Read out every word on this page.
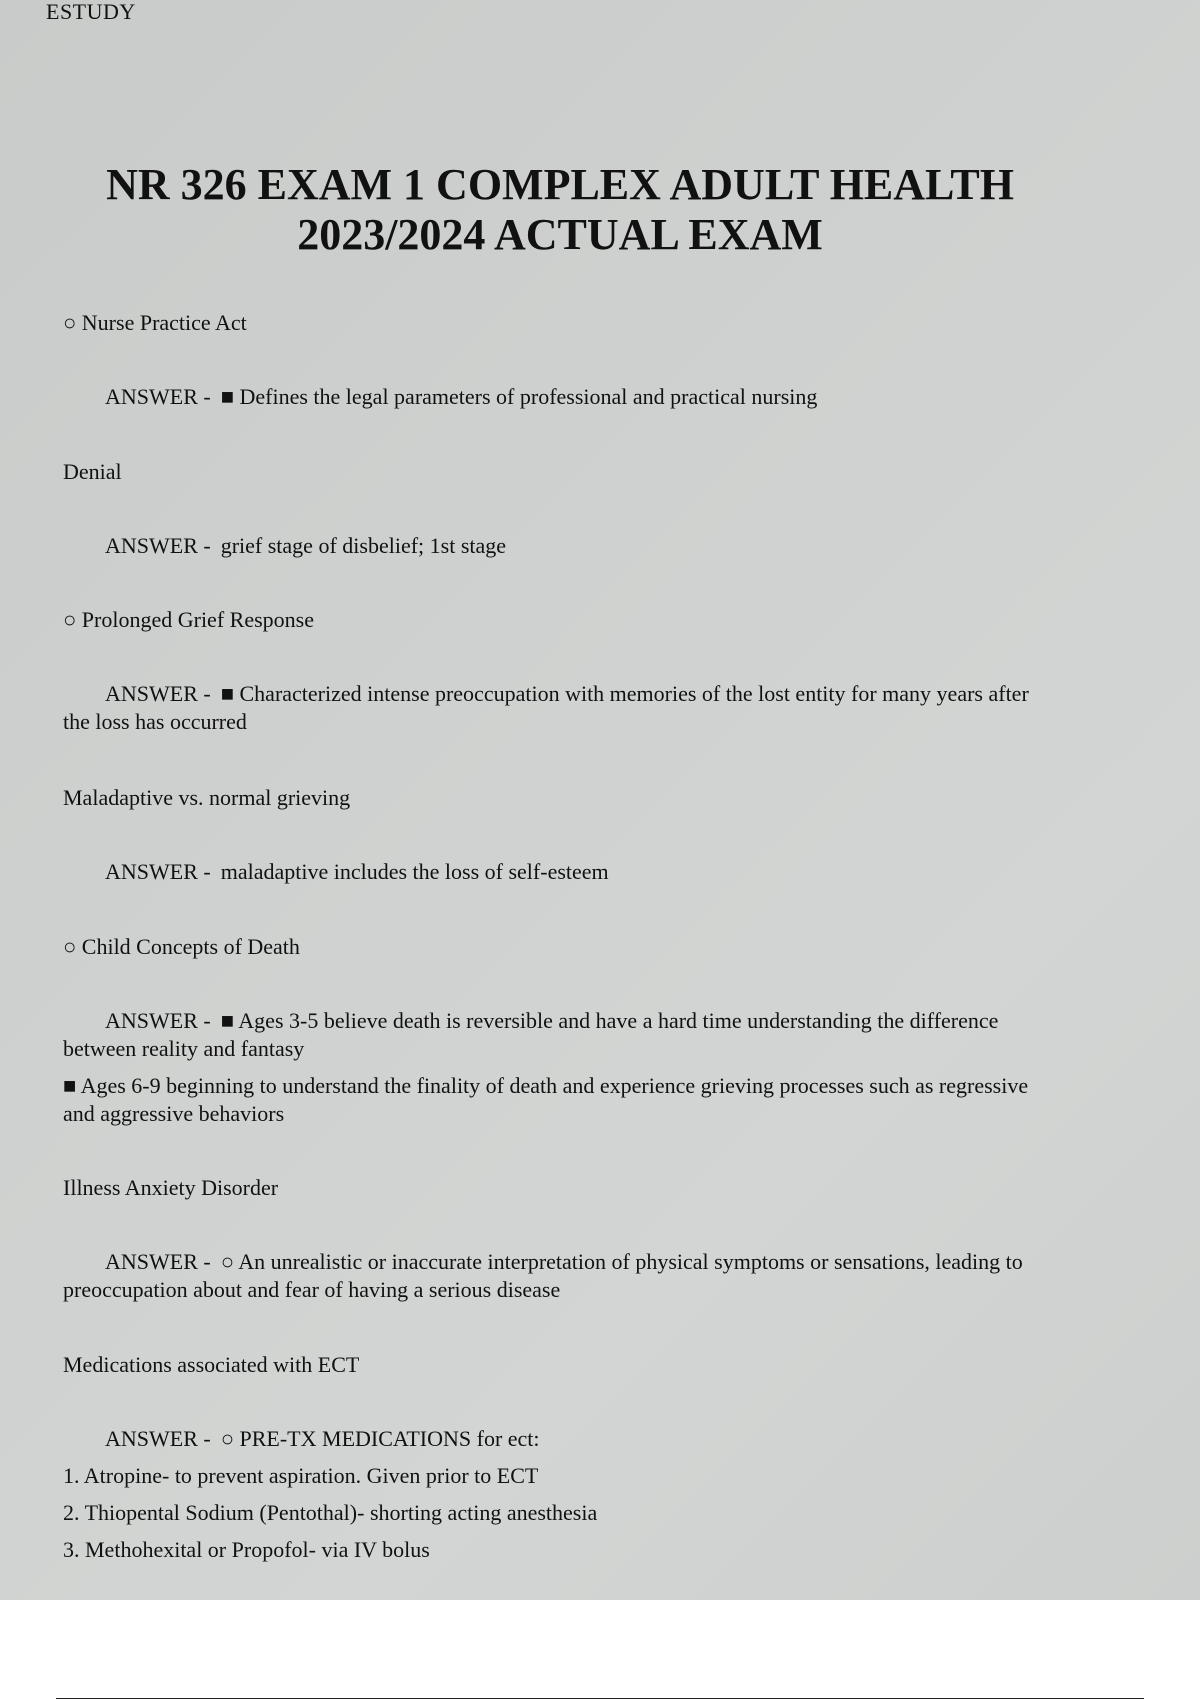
ESTUDY
NR 326 EXAM 1 COMPLEX ADULT HEALTH
2023/2024 ACTUAL EXAM

○ Nurse Practice Act

ANSWER - ■ Defines the legal parameters of professional and practical nursing

Denial

ANSWER - grief stage of disbelief; 1st stage

○ Prolonged Grief Response

ANSWER - ■ Characterized intense preoccupation with memories of the lost entity for many years after the loss has occurred

Maladaptive vs. normal grieving

ANSWER - maladaptive includes the loss of self-esteem

○ Child Concepts of Death

ANSWER - ■ Ages 3-5 believe death is reversible and have a hard time understanding the difference between reality and fantasy

■ Ages 6-9 beginning to understand the finality of death and experience grieving processes such as regressive and aggressive behaviors

Illness Anxiety Disorder

ANSWER - ○ An unrealistic or inaccurate interpretation of physical symptoms or sensations, leading to preoccupation about and fear of having a serious disease

Medications associated with ECT

ANSWER - ○ PRE-TX MEDICATIONS for ect:

1. Atropine- to prevent aspiration. Given prior to ECT

2. Thiopental Sodium (Pentothal)- shorting acting anesthesia

3. Methohexital or Propofol- via IV bolus
